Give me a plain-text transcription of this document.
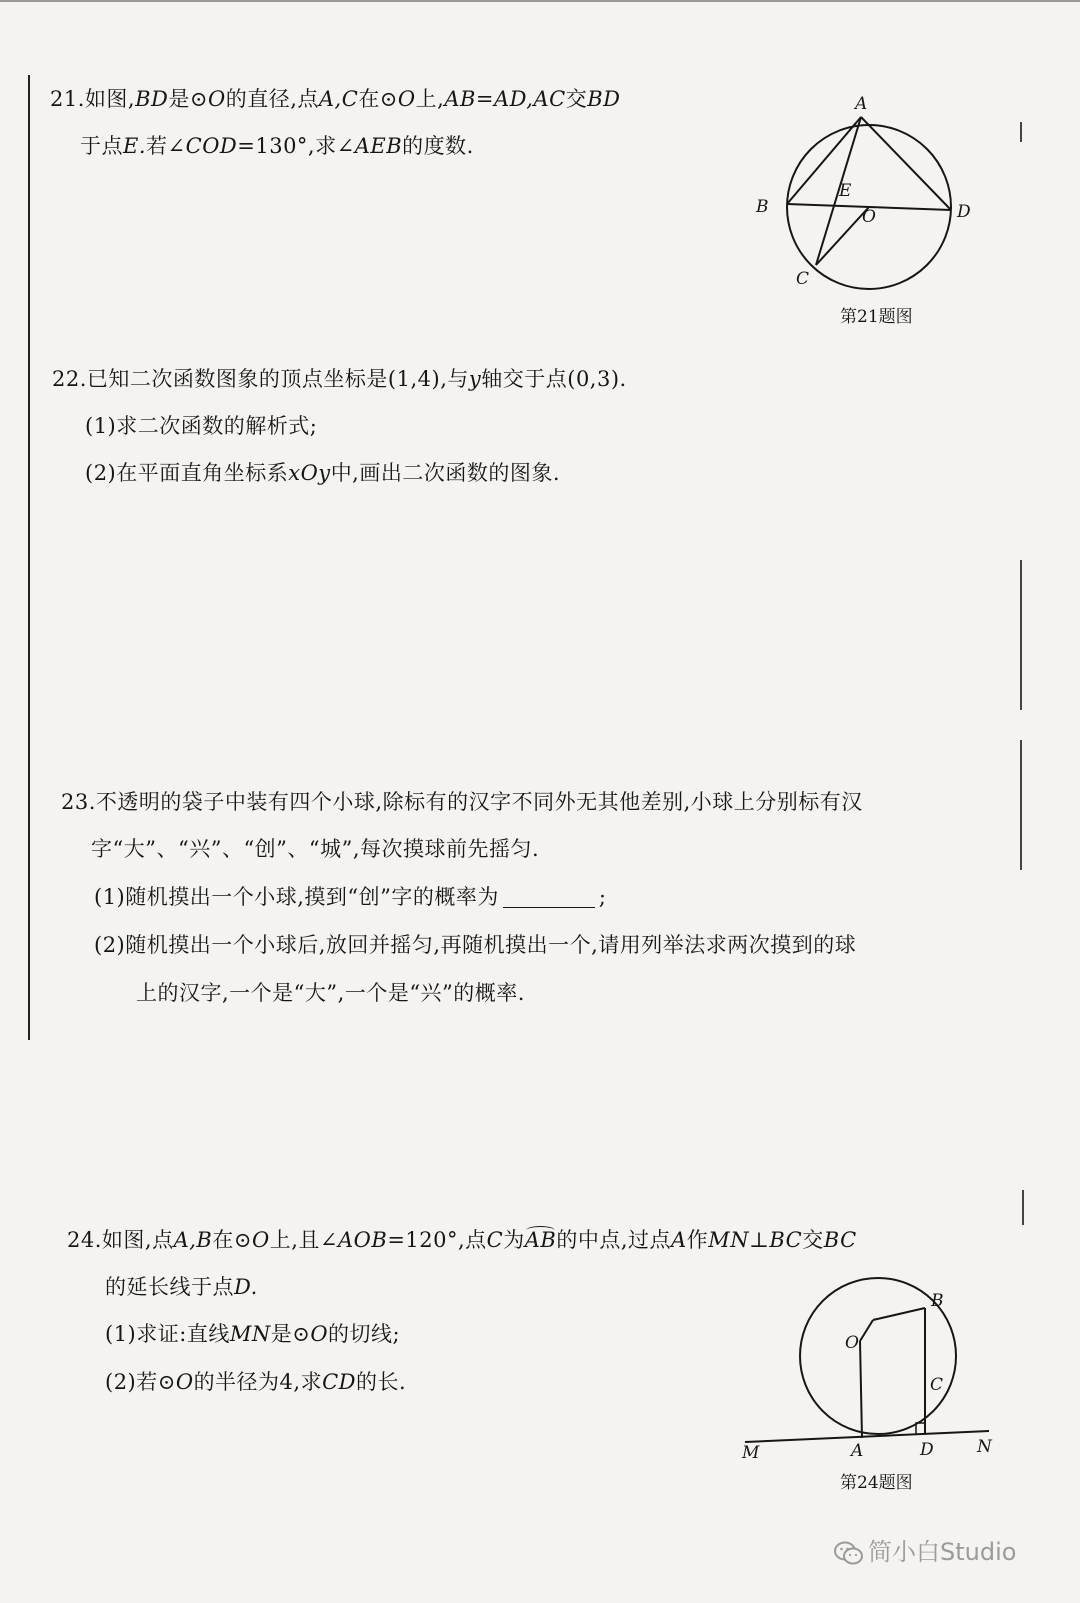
21.如图,BD是⊙O的直径,点A,C在⊙O上,AB=AD,AC交BD
于点E.若∠COD=130°,求∠AEB的度数.
A
B
C
D
E
O
第21题图
22.已知二次函数图象的顶点坐标是(1,4),与y轴交于点(0,3).
(1)求二次函数的解析式;
(2)在平面直角坐标系xOy中,画出二次函数的图象.
23.不透明的袋子中装有四个小球,除标有的汉字不同外无其他差别,小球上分别标有汉
字“大”、“兴”、“创”、“城”,每次摸球前先摇匀.
(1)随机摸出一个小球,摸到“创”字的概率为	;
(2)随机摸出一个小球后,放回并摇匀,再随机摸出一个,请用列举法求两次摸到的球
上的汉字,一个是“大”,一个是“兴”的概率.
24.如图,点A,B在⊙O上,且∠AOB=120°,点C为AB的中点,过点A作MN⊥BC交BC
的延长线于点D.
(1)求证:直线MN是⊙O的切线;
(2)若⊙O的半径为4,求CD的长.
O
B
C
M	A	D	N
第24题图
简小白Studio
